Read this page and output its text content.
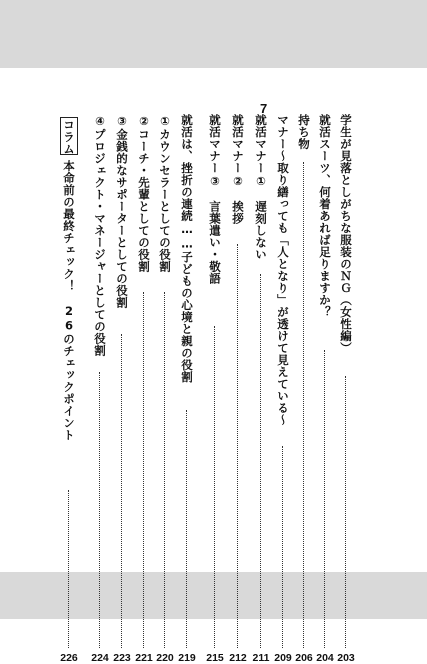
7
学生が見落としがちな服装のＮＧ（女性編）
203
就活スーツ、何着あれば足りますか？
204
持ち物
206
マナー～取り繕っても「人となり」が透けて見えている～
209
就活マナー①　遅刻しない
211
就活マナー②　挨拶
212
就活マナー③　言葉遣い・敬語
215
就活は、挫折の連続……子どもの心境と親の役割
219
①カウンセラーとしての役割
220
②コーチ・先輩としての役割
221
③金銭的なサポーターとしての役割
223
④プロジェクト・マネージャーとしての役割
224
コラム
本命前の最終チェック！　26のチェックポイント
226
